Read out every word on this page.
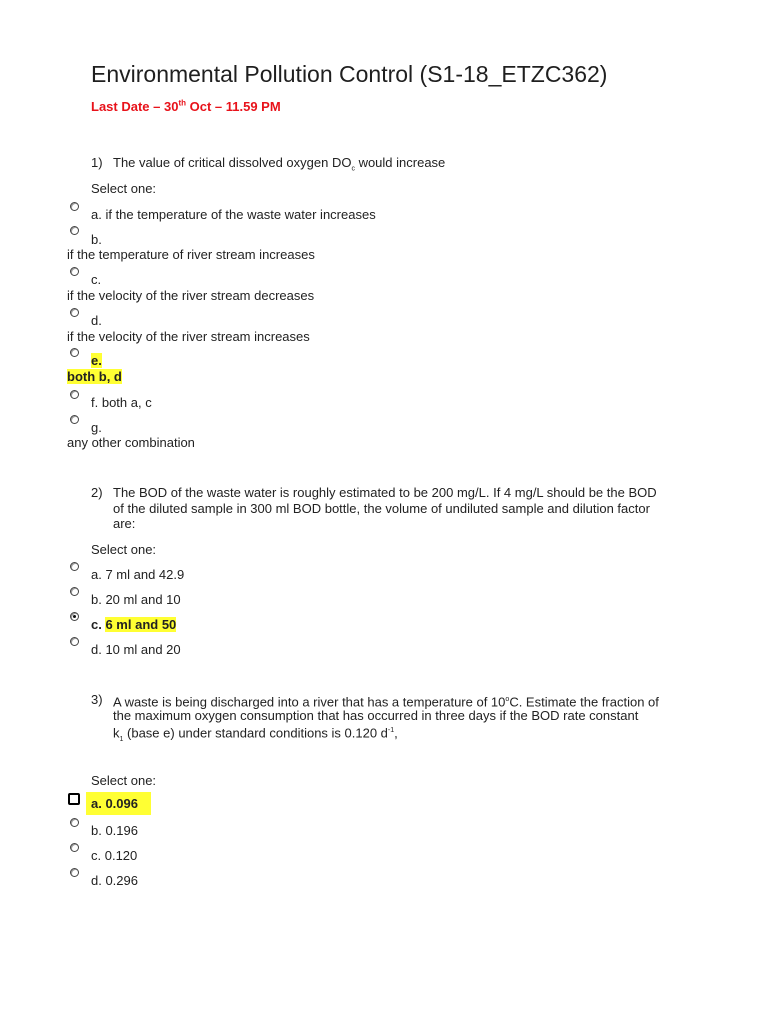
Environmental Pollution Control (S1-18_ETZC362)
Last Date – 30th Oct – 11.59 PM
1) The value of critical dissolved oxygen $DO_c$ would increase
Select one:
a. if the temperature of the waste water increases
b.
if the temperature of river stream increases
c.
if the velocity of the river stream decreases
d.
if the velocity of the river stream increases
e.
both b, d
f. both a, c
g.
any other combination
2) The BOD of the waste water is roughly estimated to be 200 mg/L. If 4 mg/L should be the BOD
of the diluted sample in 300 ml BOD bottle, the volume of undiluted sample and dilution factor
are:
Select one:
a. 7 ml and 42.9
b. 20 ml and 10
c. 6 ml and 50
d. 10 ml and 20
3) A waste is being discharged into a river that has a temperature of 10$^o$C. Estimate the fraction of
the maximum oxygen consumption that has occurred in three days if the BOD rate constant
$k_1$ (base e) under standard conditions is 0.120 $d^{-1}$,
Select one:
a. 0.096
b. 0.196
c. 0.120
d. 0.296
